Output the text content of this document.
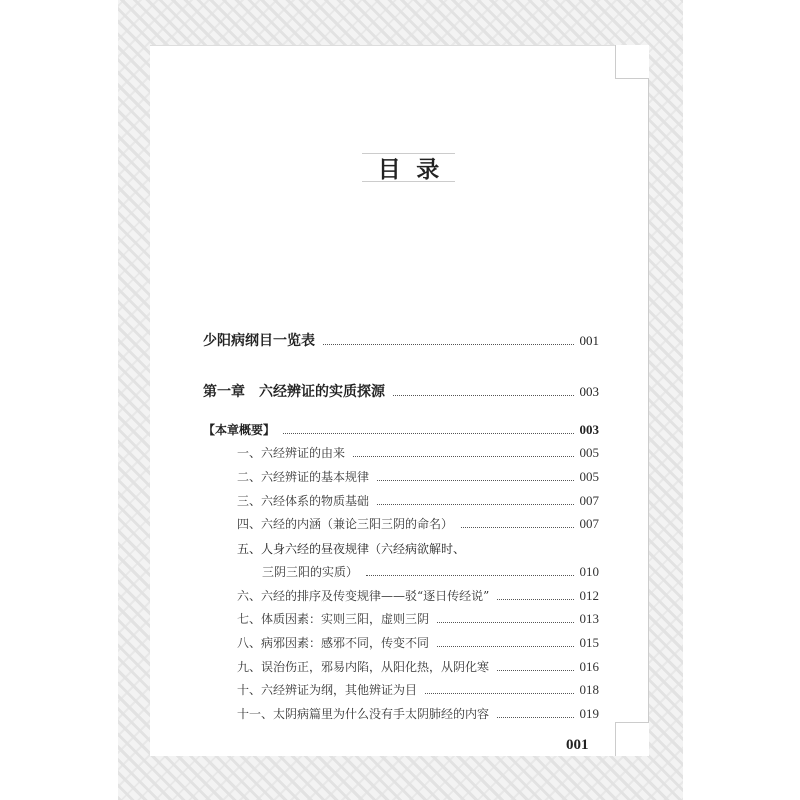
目 录
少阳病纲目一览表	001
第一章　六经辨证的实质探源	003
【本章概要】	003
一、六经辨证的由来	005
二、六经辨证的基本规律	005
三、六经体系的物质基础	007
四、六经的内涵（兼论三阳三阴的命名）	007
五、人身六经的昼夜规律（六经病欲解时、
三阴三阳的实质）	010
六、六经的排序及传变规律——驳“逐日传经说”	012
七、体质因素：实则三阳，虚则三阴	013
八、病邪因素：感邪不同，传变不同	015
九、误治伤正，邪易内陷，从阳化热，从阴化寒	016
十、六经辨证为纲，其他辨证为目	018
十一、太阴病篇里为什么没有手太阴肺经的内容	019
001
